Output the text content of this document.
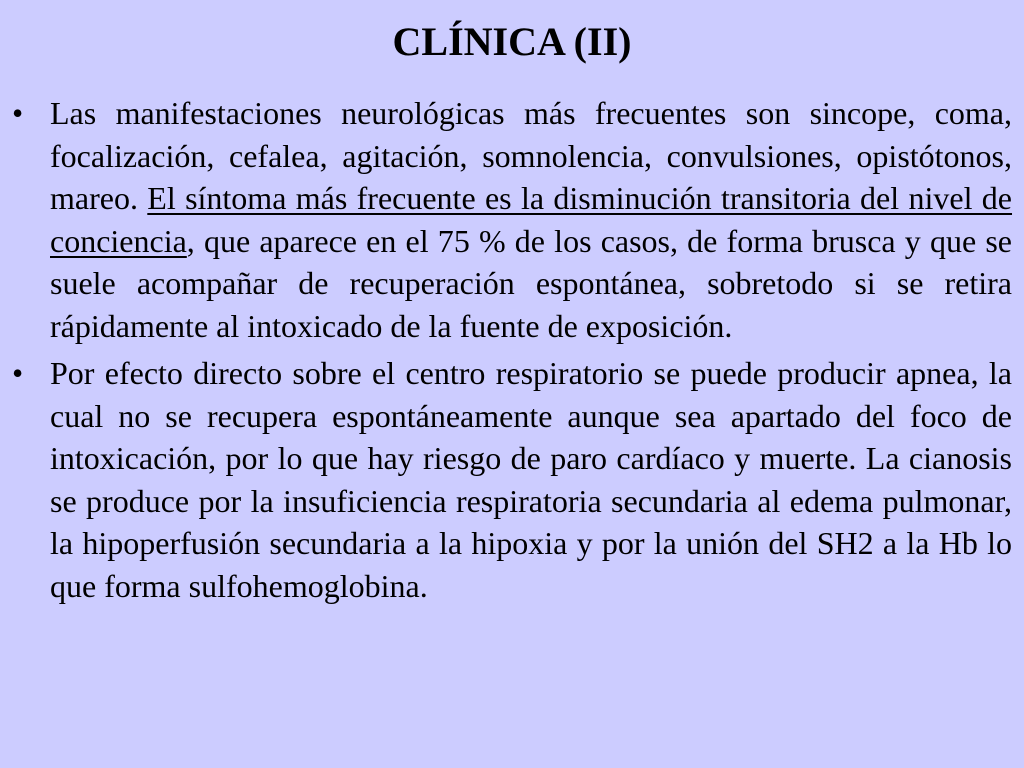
CLÍNICA (II)
• Las manifestaciones neurológicas más frecuentes son sincope, coma, focalización, cefalea, agitación, somnolencia, convulsiones, opistótonos, mareo. El síntoma más frecuente es la disminución transitoria del nivel de conciencia, que aparece en el 75 % de los casos, de forma brusca y que se suele acompañar de recuperación espontánea, sobretodo si se retira rápidamente al intoxicado de la fuente de exposición.
• Por efecto directo sobre el centro respiratorio se puede producir apnea, la cual no se recupera espontáneamente aunque sea apartado del foco de intoxicación, por lo que hay riesgo de paro cardíaco y muerte. La cianosis se produce por la insuficiencia respiratoria secundaria al edema pulmonar, la hipoperfusión secundaria a la hipoxia y por la unión del SH2 a la Hb lo que forma sulfohemoglobina.
